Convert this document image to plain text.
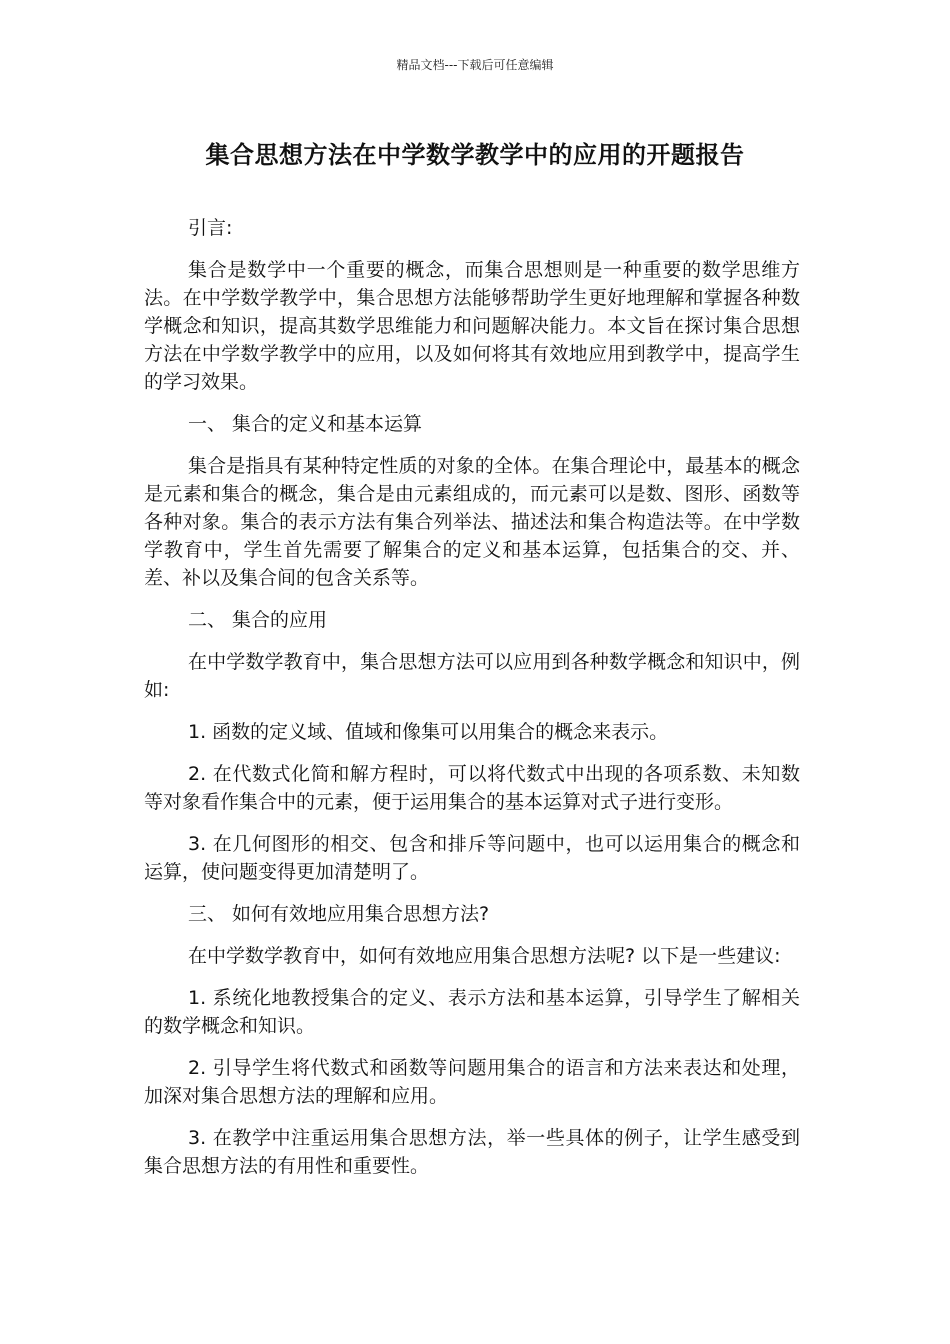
精品文档---下载后可任意编辑
集合思想方法在中学数学教学中的应用的开题报告

引言:

集合是数学中一个重要的概念，而集合思想则是一种重要的数学思维方法。在中学数学教学中，集合思想方法能够帮助学生更好地理解和掌握各种数学概念和知识，提高其数学思维能力和问题解决能力。本文旨在探讨集合思想方法在中学数学教学中的应用，以及如何将其有效地应用到教学中，提高学生的学习效果。

一、 集合的定义和基本运算

集合是指具有某种特定性质的对象的全体。在集合理论中，最基本的概念是元素和集合的概念，集合是由元素组成的，而元素可以是数、图形、函数等各种对象。集合的表示方法有集合列举法、描述法和集合构造法等。在中学数学教育中，学生首先需要了解集合的定义和基本运算，包括集合的交、并、差、补以及集合间的包含关系等。

二、 集合的应用

在中学数学教育中，集合思想方法可以应用到各种数学概念和知识中，例如:

1. 函数的定义域、值域和像集可以用集合的概念来表示。

2. 在代数式化简和解方程时，可以将代数式中出现的各项系数、未知数等对象看作集合中的元素，便于运用集合的基本运算对式子进行变形。

3. 在几何图形的相交、包含和排斥等问题中，也可以运用集合的概念和运算，使问题变得更加清楚明了。

三、 如何有效地应用集合思想方法?

在中学数学教育中，如何有效地应用集合思想方法呢? 以下是一些建议:

1. 系统化地教授集合的定义、表示方法和基本运算，引导学生了解相关的数学概念和知识。

2. 引导学生将代数式和函数等问题用集合的语言和方法来表达和处理，加深对集合思想方法的理解和应用。

3. 在教学中注重运用集合思想方法，举一些具体的例子，让学生感受到集合思想方法的有用性和重要性。
